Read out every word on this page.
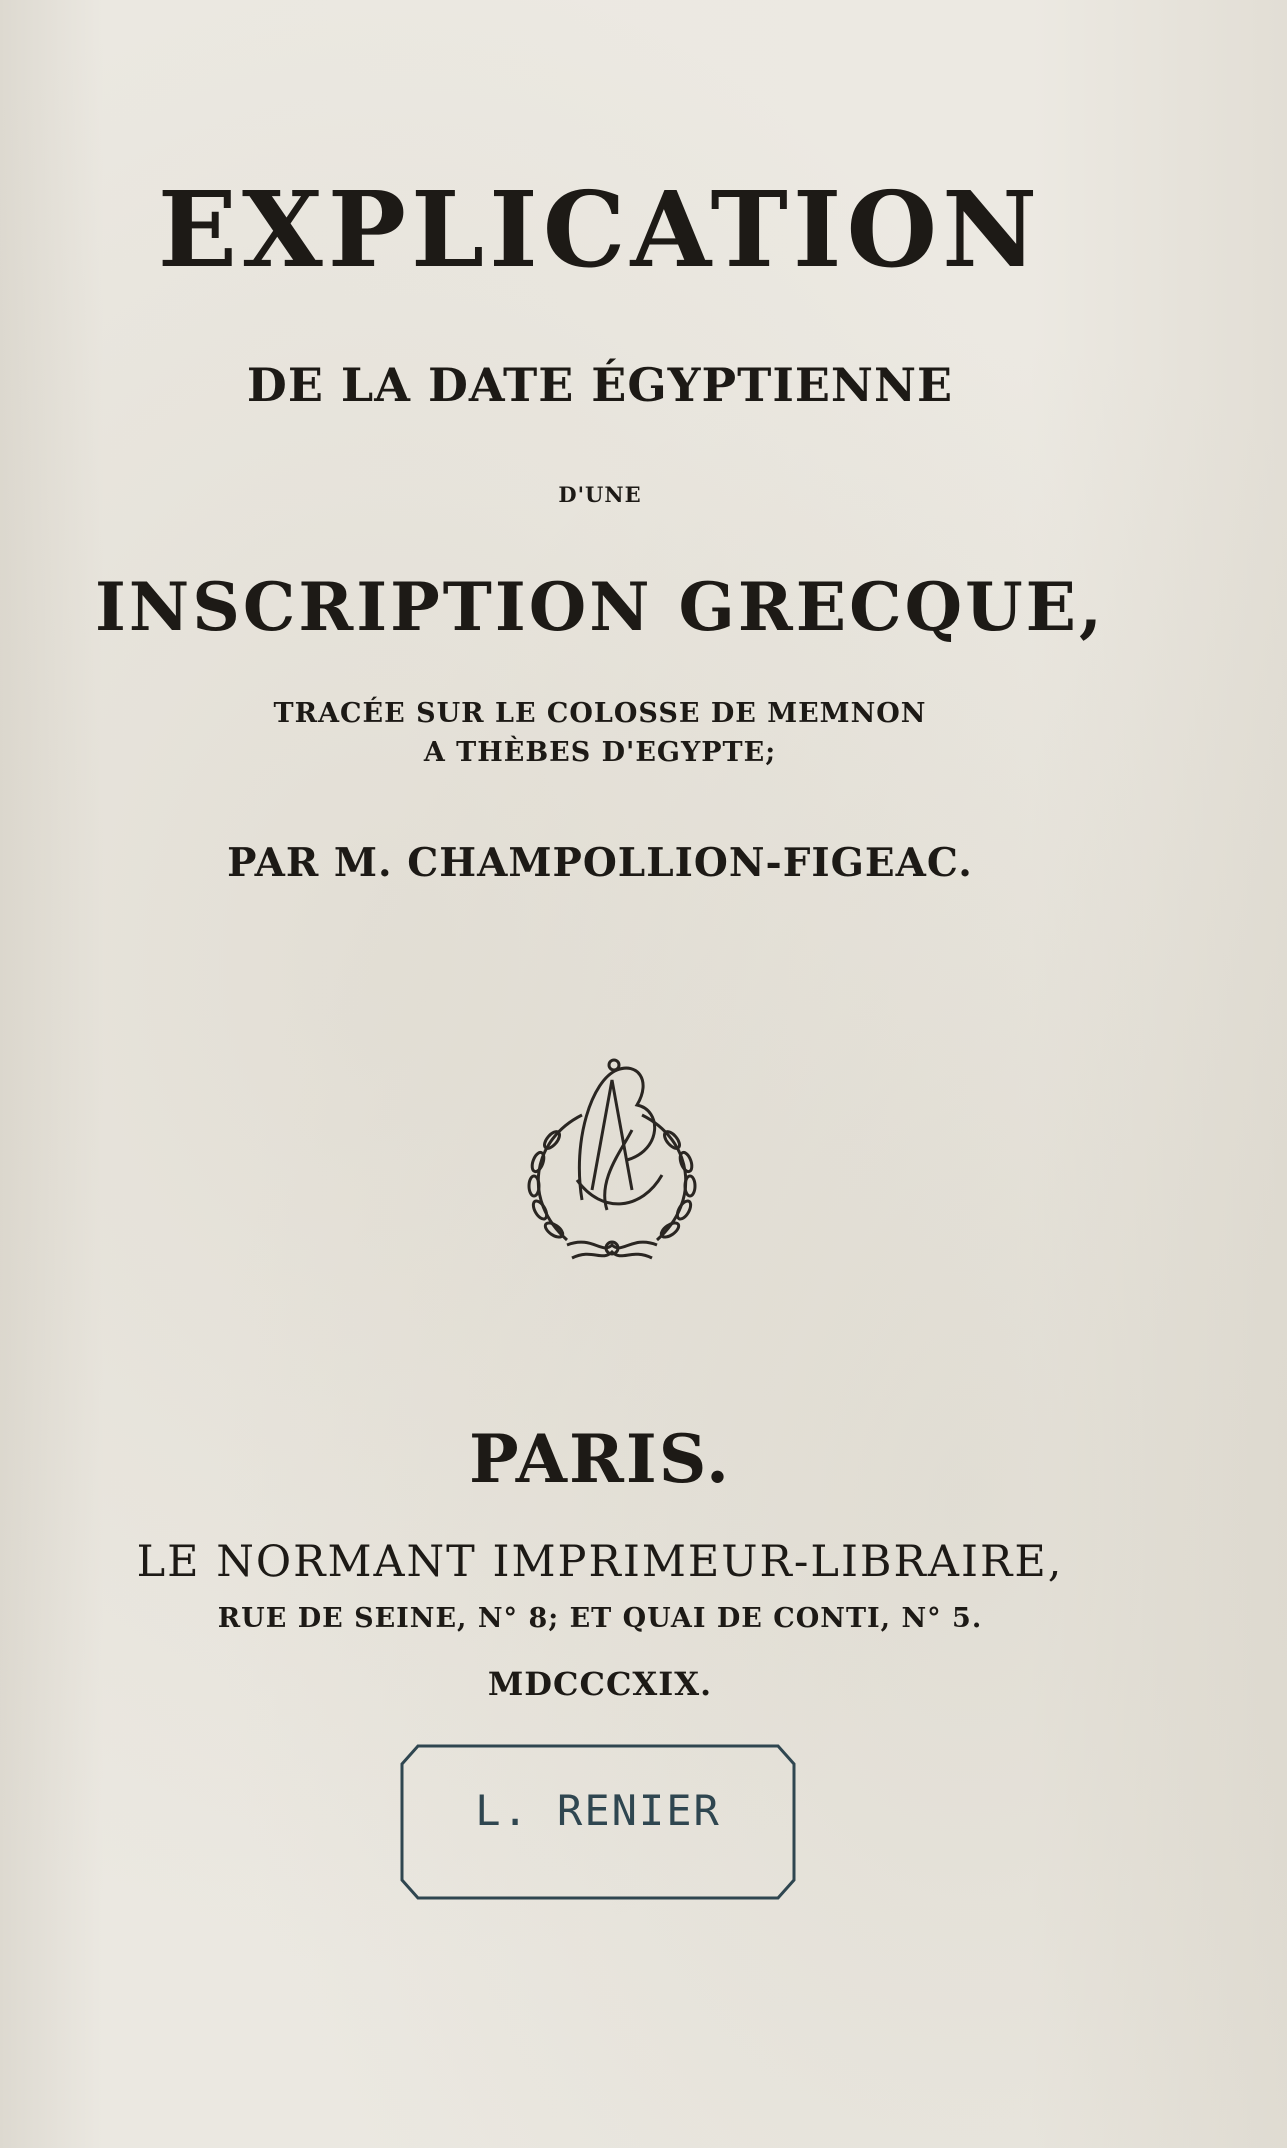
EXPLICATION
DE LA DATE ÉGYPTIENNE
D'UNE
INSCRIPTION GRECQUE,
TRACÉE SUR LE COLOSSE DE MEMNON
A THÈBES D'EGYPTE;
PAR M. CHAMPOLLION-FIGEAC.
PARIS.
LE NORMANT IMPRIMEUR-LIBRAIRE,
RUE DE SEINE, N° 8; ET QUAI DE CONTI, N° 5.
MDCCCXIX.
L. RENIER
